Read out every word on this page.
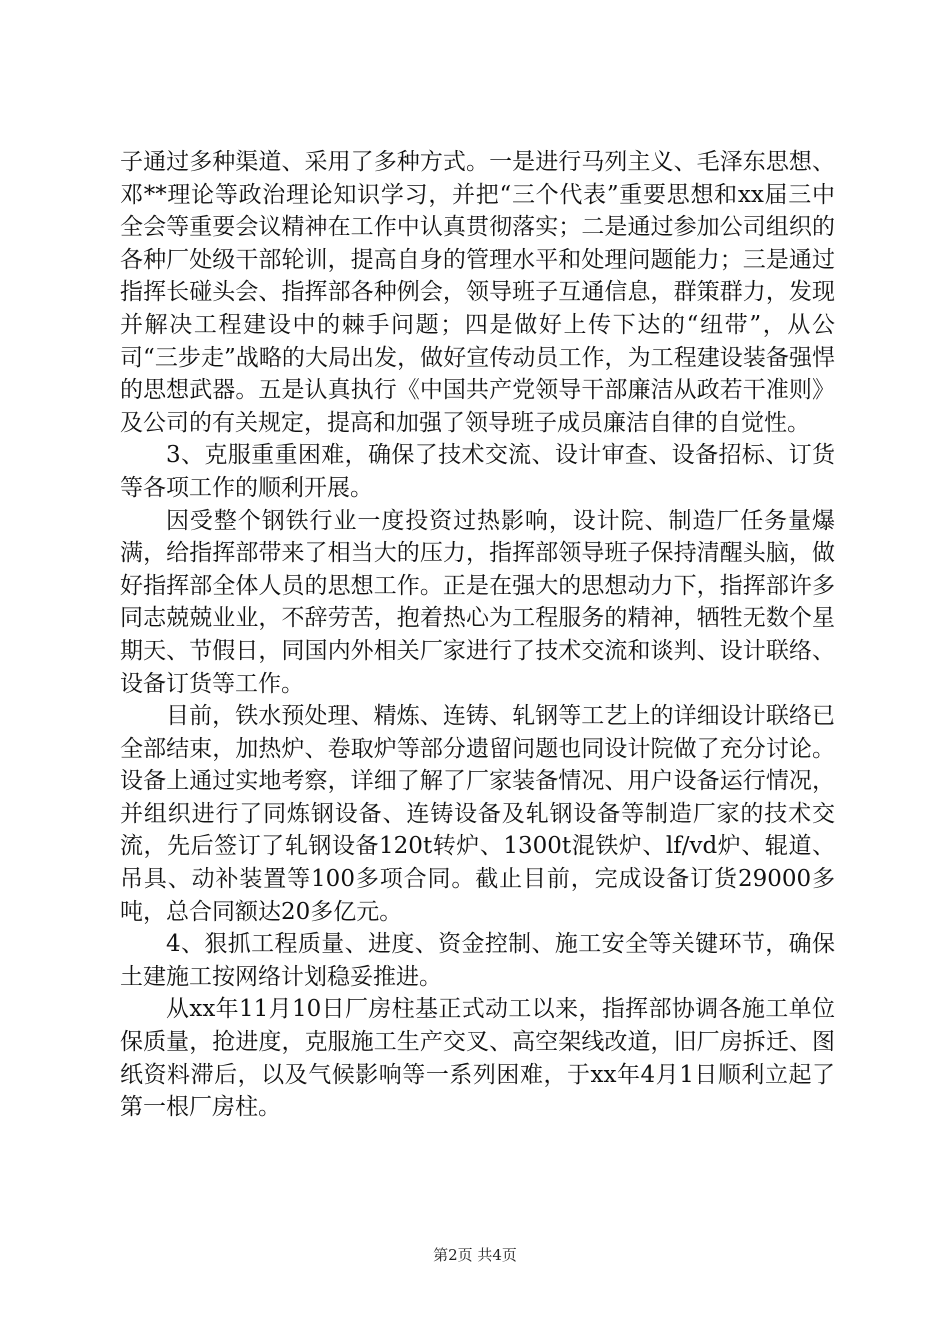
子通过多种渠道、采用了多种方式。一是进行马列主义、毛泽东思想、邓**理论等政治理论知识学习，并把“三个代表”重要思想和xx届三中全会等重要会议精神在工作中认真贯彻落实；二是通过参加公司组织的各种厂处级干部轮训，提高自身的管理水平和处理问题能力；三是通过指挥长碰头会、指挥部各种例会，领导班子互通信息，群策群力，发现并解决工程建设中的棘手问题；四是做好上传下达的“纽带”，从公司“三步走”战略的大局出发，做好宣传动员工作，为工程建设装备强悍的思想武器。五是认真执行《中国共产党领导干部廉洁从政若干准则》及公司的有关规定，提高和加强了领导班子成员廉洁自律的自觉性。

3、克服重重困难，确保了技术交流、设计审查、设备招标、订货等各项工作的顺利开展。

因受整个钢铁行业一度投资过热影响，设计院、制造厂任务量爆满，给指挥部带来了相当大的压力，指挥部领导班子保持清醒头脑，做好指挥部全体人员的思想工作。正是在强大的思想动力下，指挥部许多同志兢兢业业，不辞劳苦，抱着热心为工程服务的精神，牺牲无数个星期天、节假日，同国内外相关厂家进行了技术交流和谈判、设计联络、设备订货等工作。

目前，铁水预处理、精炼、连铸、轧钢等工艺上的详细设计联络已全部结束，加热炉、卷取炉等部分遗留问题也同设计院做了充分讨论。设备上通过实地考察，详细了解了厂家装备情况、用户设备运行情况，并组织进行了同炼钢设备、连铸设备及轧钢设备等制造厂家的技术交流，先后签订了轧钢设备120t转炉、1300t混铁炉、lf/vd炉、辊道、吊具、动补装置等100多项合同。截止目前，完成设备订货29000多吨，总合同额达20多亿元。

4、狠抓工程质量、进度、资金控制、施工安全等关键环节，确保土建施工按网络计划稳妥推进。

从xx年11月10日厂房柱基正式动工以来，指挥部协调各施工单位保质量，抢进度，克服施工生产交叉、高空架线改道，旧厂房拆迁、图纸资料滞后，以及气候影响等一系列困难，于xx年4月1日顺利立起了第一根厂房柱。

第2页 共4页
